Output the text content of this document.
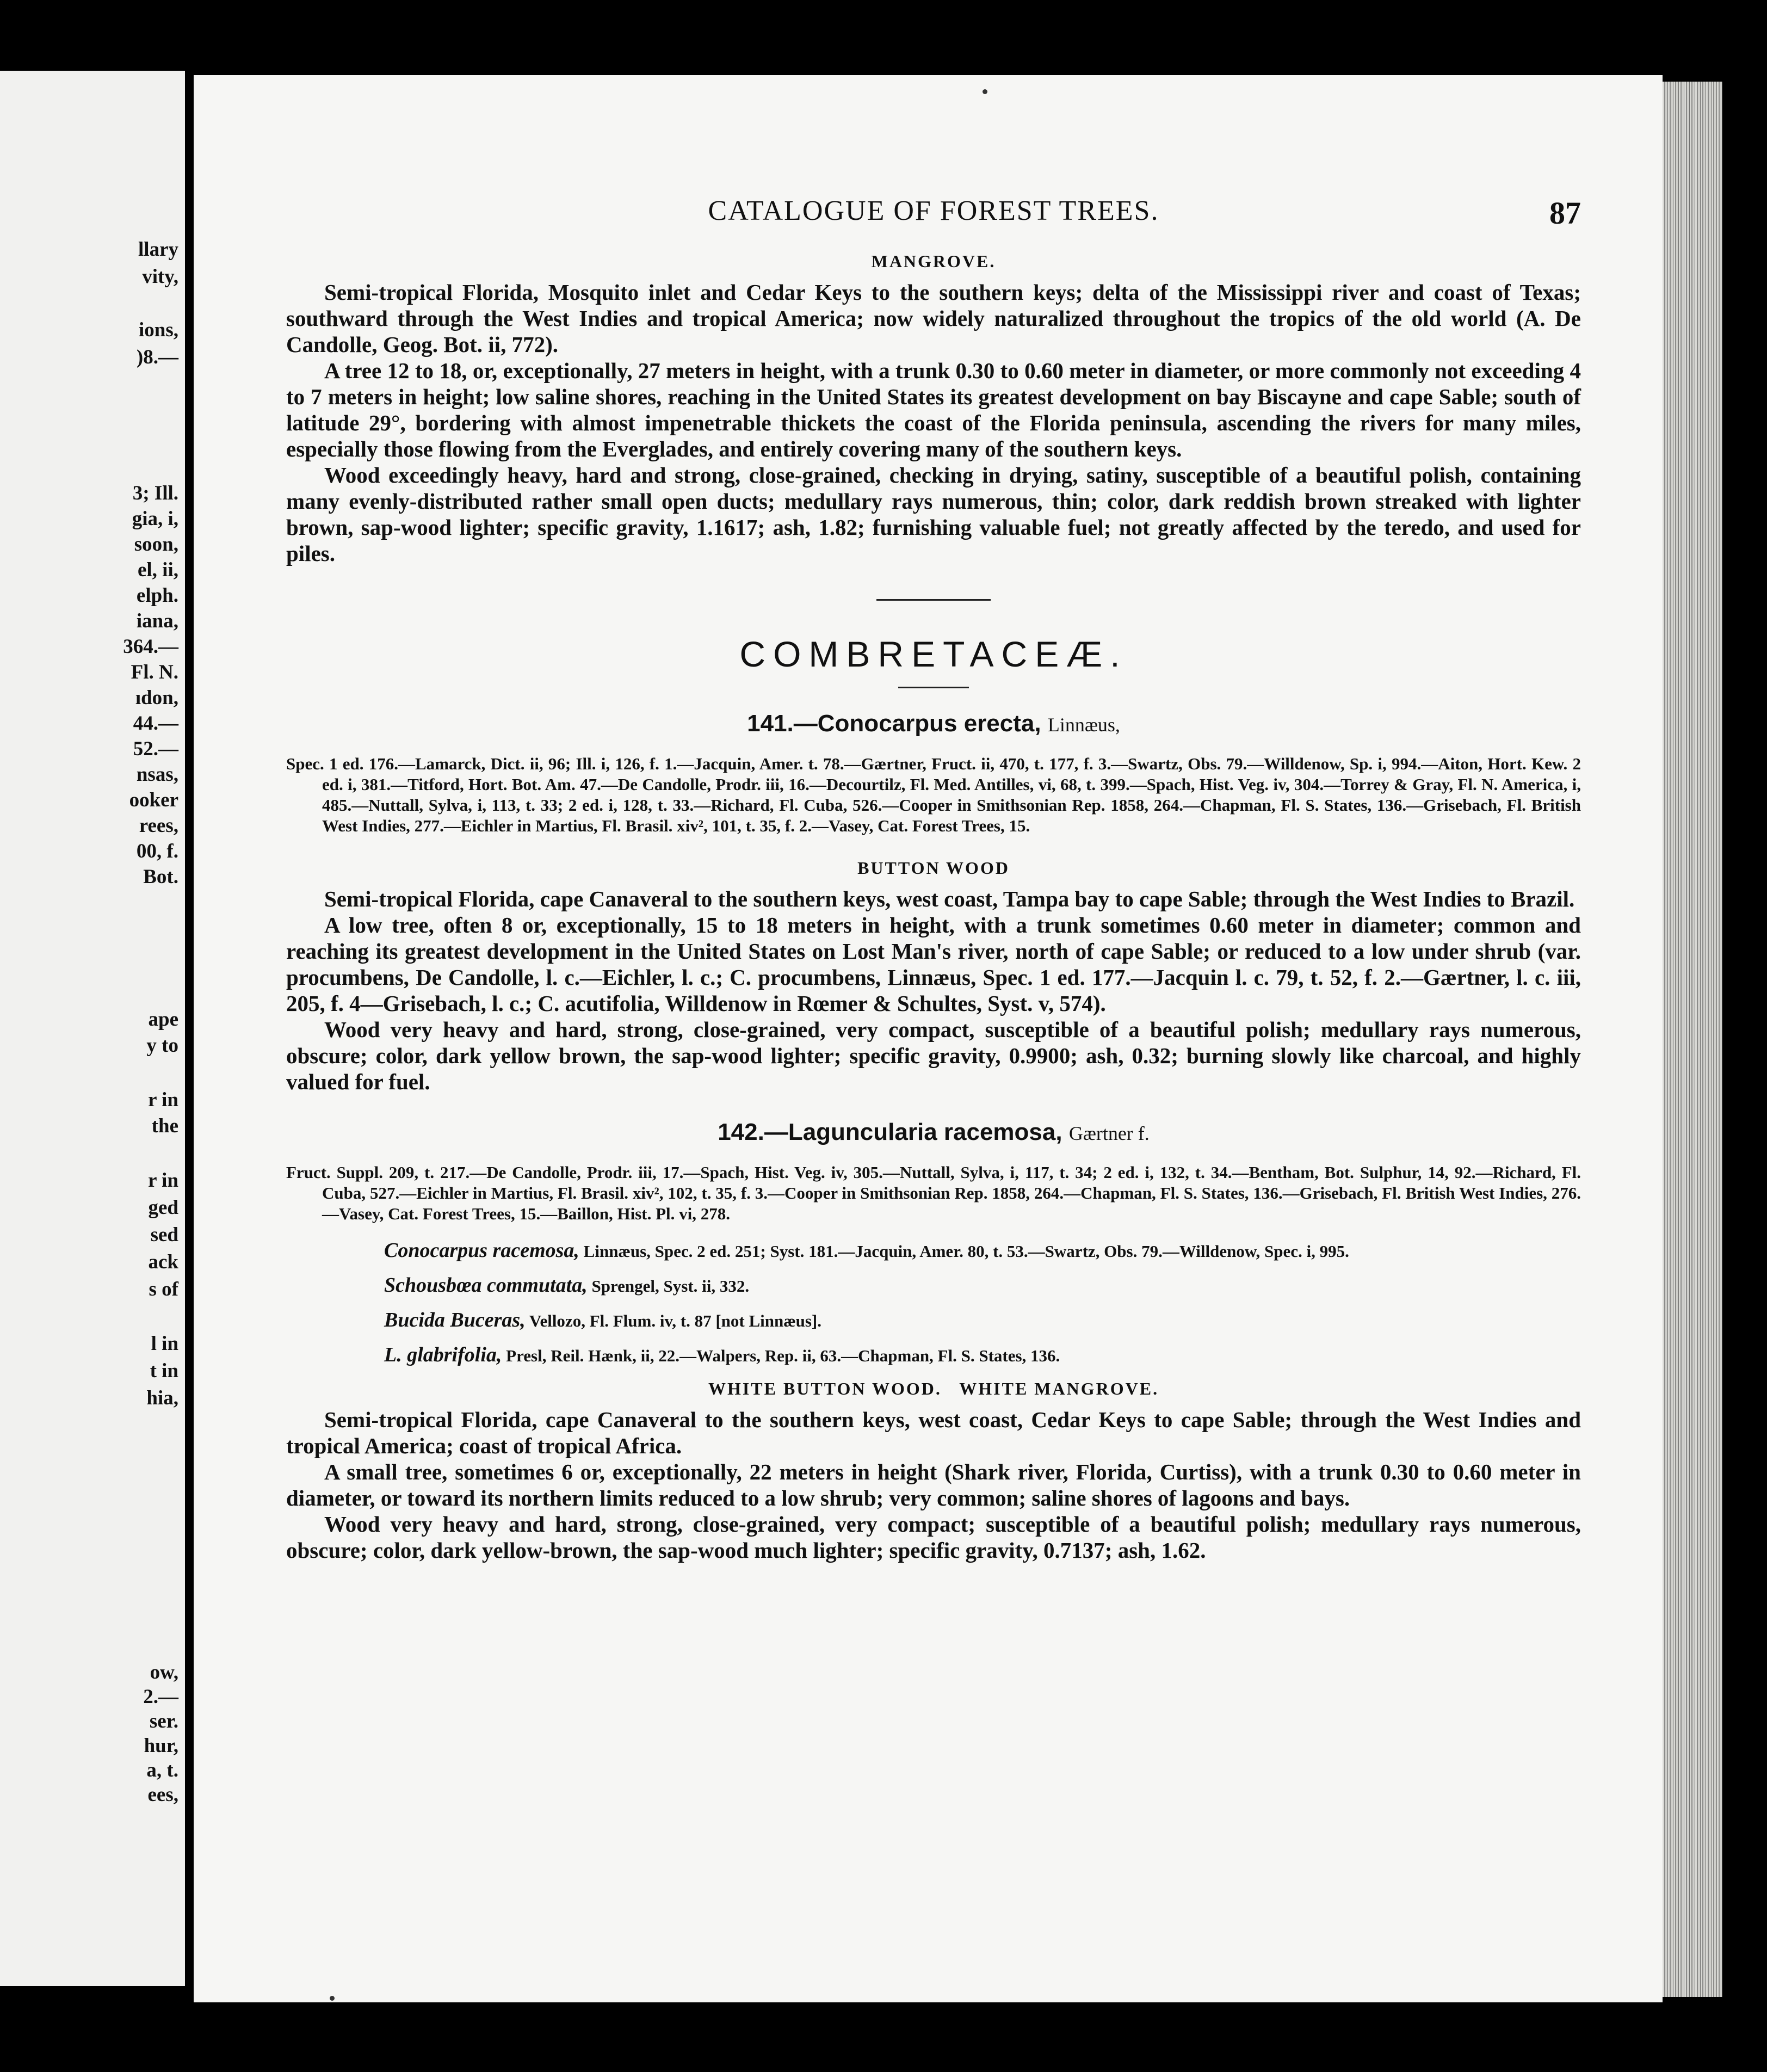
llary
vity,
ions,
)8.—
3; Ill.
gia, i,
soon,
el, ii,
elph.
iana,
364.—
Fl. N.
ıdon,
44.—
52.—
nsas,
ooker
rees,
00, f.
Bot.
ape
y to
r in
the
r in
ged
sed
ack
s of
l in
t in
hia,
ow,
2.—
ser.
hur,
a, t.
ees,
CATALOGUE OF FOREST TREES.	87
MANGROVE.

Semi-tropical Florida, Mosquito inlet and Cedar Keys to the southern keys; delta of the Mississippi river and coast of Texas; southward through the West Indies and tropical America; now widely naturalized throughout the tropics of the old world (A. De Candolle, Geog. Bot. ii, 772).

A tree 12 to 18, or, exceptionally, 27 meters in height, with a trunk 0.30 to 0.60 meter in diameter, or more commonly not exceeding 4 to 7 meters in height; low saline shores, reaching in the United States its greatest development on bay Biscayne and cape Sable; south of latitude 29°, bordering with almost impenetrable thickets the coast of the Florida peninsula, ascending the rivers for many miles, especially those flowing from the Everglades, and entirely covering many of the southern keys.

Wood exceedingly heavy, hard and strong, close-grained, checking in drying, satiny, susceptible of a beautiful polish, containing many evenly-distributed rather small open ducts; medullary rays numerous, thin; color, dark reddish brown streaked with lighter brown, sap-wood lighter; specific gravity, 1.1617; ash, 1.82; furnishing valuable fuel; not greatly affected by the teredo, and used for piles.

COMBRETACEÆ.
141.—Conocarpus erecta, Linnæus,

Spec. 1 ed. 176.—Lamarck, Dict. ii, 96; Ill. i, 126, f. 1.—Jacquin, Amer. t. 78.—Gærtner, Fruct. ii, 470, t. 177, f. 3.—Swartz, Obs. 79.—Willdenow, Sp. i, 994.—Aiton, Hort. Kew. 2 ed. i, 381.—Titford, Hort. Bot. Am. 47.—De Candolle, Prodr. iii, 16.—Decourtilz, Fl. Med. Antilles, vi, 68, t. 399.—Spach, Hist. Veg. iv, 304.—Torrey & Gray, Fl. N. America, i, 485.—Nuttall, Sylva, i, 113, t. 33; 2 ed. i, 128, t. 33.—Richard, Fl. Cuba, 526.—Cooper in Smithsonian Rep. 1858, 264.—Chapman, Fl. S. States, 136.—Grisebach, Fl. British West Indies, 277.—Eichler in Martius, Fl. Brasil. xiv², 101, t. 35, f. 2.—Vasey, Cat. Forest Trees, 15.

BUTTON WOOD

Semi-tropical Florida, cape Canaveral to the southern keys, west coast, Tampa bay to cape Sable; through the West Indies to Brazil.

A low tree, often 8 or, exceptionally, 15 to 18 meters in height, with a trunk sometimes 0.60 meter in diameter; common and reaching its greatest development in the United States on Lost Man's river, north of cape Sable; or reduced to a low under shrub (var. procumbens, De Candolle, l. c.—Eichler, l. c.; C. procumbens, Linnæus, Spec. 1 ed. 177.—Jacquin l. c. 79, t. 52, f. 2.—Gærtner, l. c. iii, 205, f. 4—Grisebach, l. c.; C. acutifolia, Willdenow in Rœmer & Schultes, Syst. v, 574).

Wood very heavy and hard, strong, close-grained, very compact, susceptible of a beautiful polish; medullary rays numerous, obscure; color, dark yellow brown, the sap-wood lighter; specific gravity, 0.9900; ash, 0.32; burning slowly like charcoal, and highly valued for fuel.

142.—Laguncularia racemosa, Gærtner f.

Fruct. Suppl. 209, t. 217.—De Candolle, Prodr. iii, 17.—Spach, Hist. Veg. iv, 305.—Nuttall, Sylva, i, 117, t. 34; 2 ed. i, 132, t. 34.—Bentham, Bot. Sulphur, 14, 92.—Richard, Fl. Cuba, 527.—Eichler in Martius, Fl. Brasil. xiv², 102, t. 35, f. 3.—Cooper in Smithsonian Rep. 1858, 264.—Chapman, Fl. S. States, 136.—Grisebach, Fl. British West Indies, 276.—Vasey, Cat. Forest Trees, 15.—Baillon, Hist. Pl. vi, 278.

Conocarpus racemosa, Linnæus, Spec. 2 ed. 251; Syst. 181.—Jacquin, Amer. 80, t. 53.—Swartz, Obs. 79.—Willdenow, Spec. i, 995.

Schousbœa commutata, Sprengel, Syst. ii, 332.

Bucida Buceras, Vellozo, Fl. Flum. iv, t. 87 [not Linnæus].

L. glabrifolia, Presl, Reil. Hænk, ii, 22.—Walpers, Rep. ii, 63.—Chapman, Fl. S. States, 136.

WHITE BUTTON WOOD.   WHITE MANGROVE.

Semi-tropical Florida, cape Canaveral to the southern keys, west coast, Cedar Keys to cape Sable; through the West Indies and tropical America; coast of tropical Africa.

A small tree, sometimes 6 or, exceptionally, 22 meters in height (Shark river, Florida, Curtiss), with a trunk 0.30 to 0.60 meter in diameter, or toward its northern limits reduced to a low shrub; very common; saline shores of lagoons and bays.

Wood very heavy and hard, strong, close-grained, very compact; susceptible of a beautiful polish; medullary rays numerous, obscure; color, dark yellow-brown, the sap-wood much lighter; specific gravity, 0.7137; ash, 1.62.
